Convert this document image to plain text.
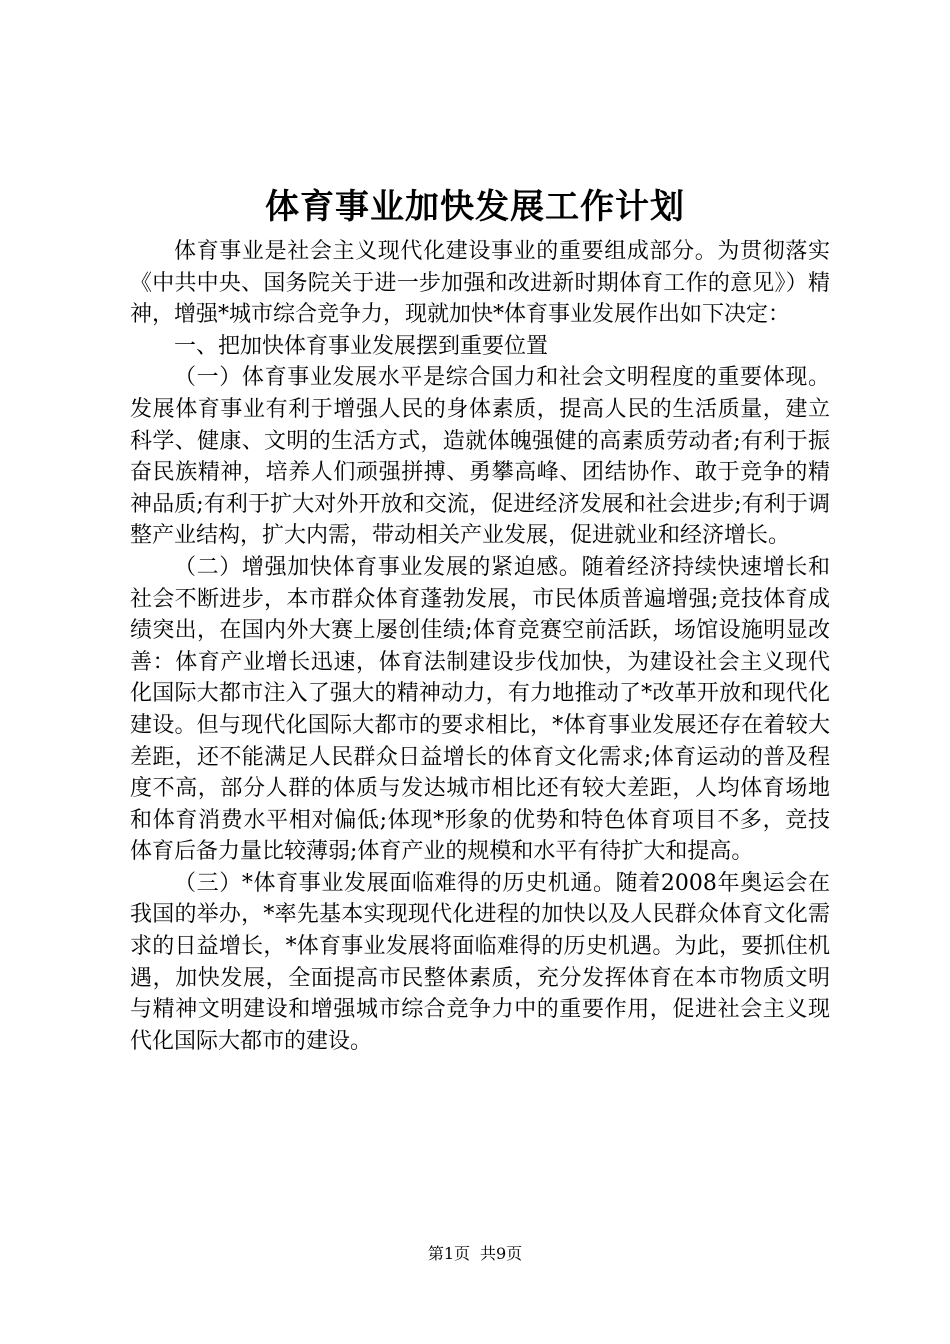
体育事业加快发展工作计划

体育事业是社会主义现代化建设事业的重要组成部分。为贯彻落实《中共中央、国务院关于进一步加强和改进新时期体育工作的意见》）精神，增强*城市综合竞争力，现就加快*体育事业发展作出如下决定：

一、把加快体育事业发展摆到重要位置

（一）体育事业发展水平是综合国力和社会文明程度的重要体现。发展体育事业有利于增强人民的身体素质，提高人民的生活质量，建立科学、健康、文明的生活方式，造就体魄强健的高素质劳动者;有利于振奋民族精神，培养人们顽强拼搏、勇攀高峰、团结协作、敢于竞争的精神品质;有利于扩大对外开放和交流，促进经济发展和社会进步;有利于调整产业结构，扩大内需，带动相关产业发展，促进就业和经济增长。

（二）增强加快体育事业发展的紧迫感。随着经济持续快速增长和社会不断进步，本市群众体育蓬勃发展，市民体质普遍增强;竞技体育成绩突出，在国内外大赛上屡创佳绩;体育竞赛空前活跃，场馆设施明显改善：体育产业增长迅速，体育法制建设步伐加快，为建设社会主义现代化国际大都市注入了强大的精神动力，有力地推动了*改革开放和现代化建设。但与现代化国际大都市的要求相比，*体育事业发展还存在着较大差距，还不能满足人民群众日益增长的体育文化需求;体育运动的普及程度不高，部分人群的体质与发达城市相比还有较大差距，人均体育场地和体育消费水平相对偏低;体现*形象的优势和特色体育项目不多，竞技体育后备力量比较薄弱;体育产业的规模和水平有待扩大和提高。

（三）*体育事业发展面临难得的历史机通。随着2008年奥运会在我国的举办，*率先基本实现现代化进程的加快以及人民群众体育文化需求的日益增长，*体育事业发展将面临难得的历史机遇。为此，要抓住机遇，加快发展，全面提高市民整体素质，充分发挥体育在本市物质文明与精神文明建设和增强城市综合竞争力中的重要作用，促进社会主义现代化国际大都市的建设。

第1页 共9页
